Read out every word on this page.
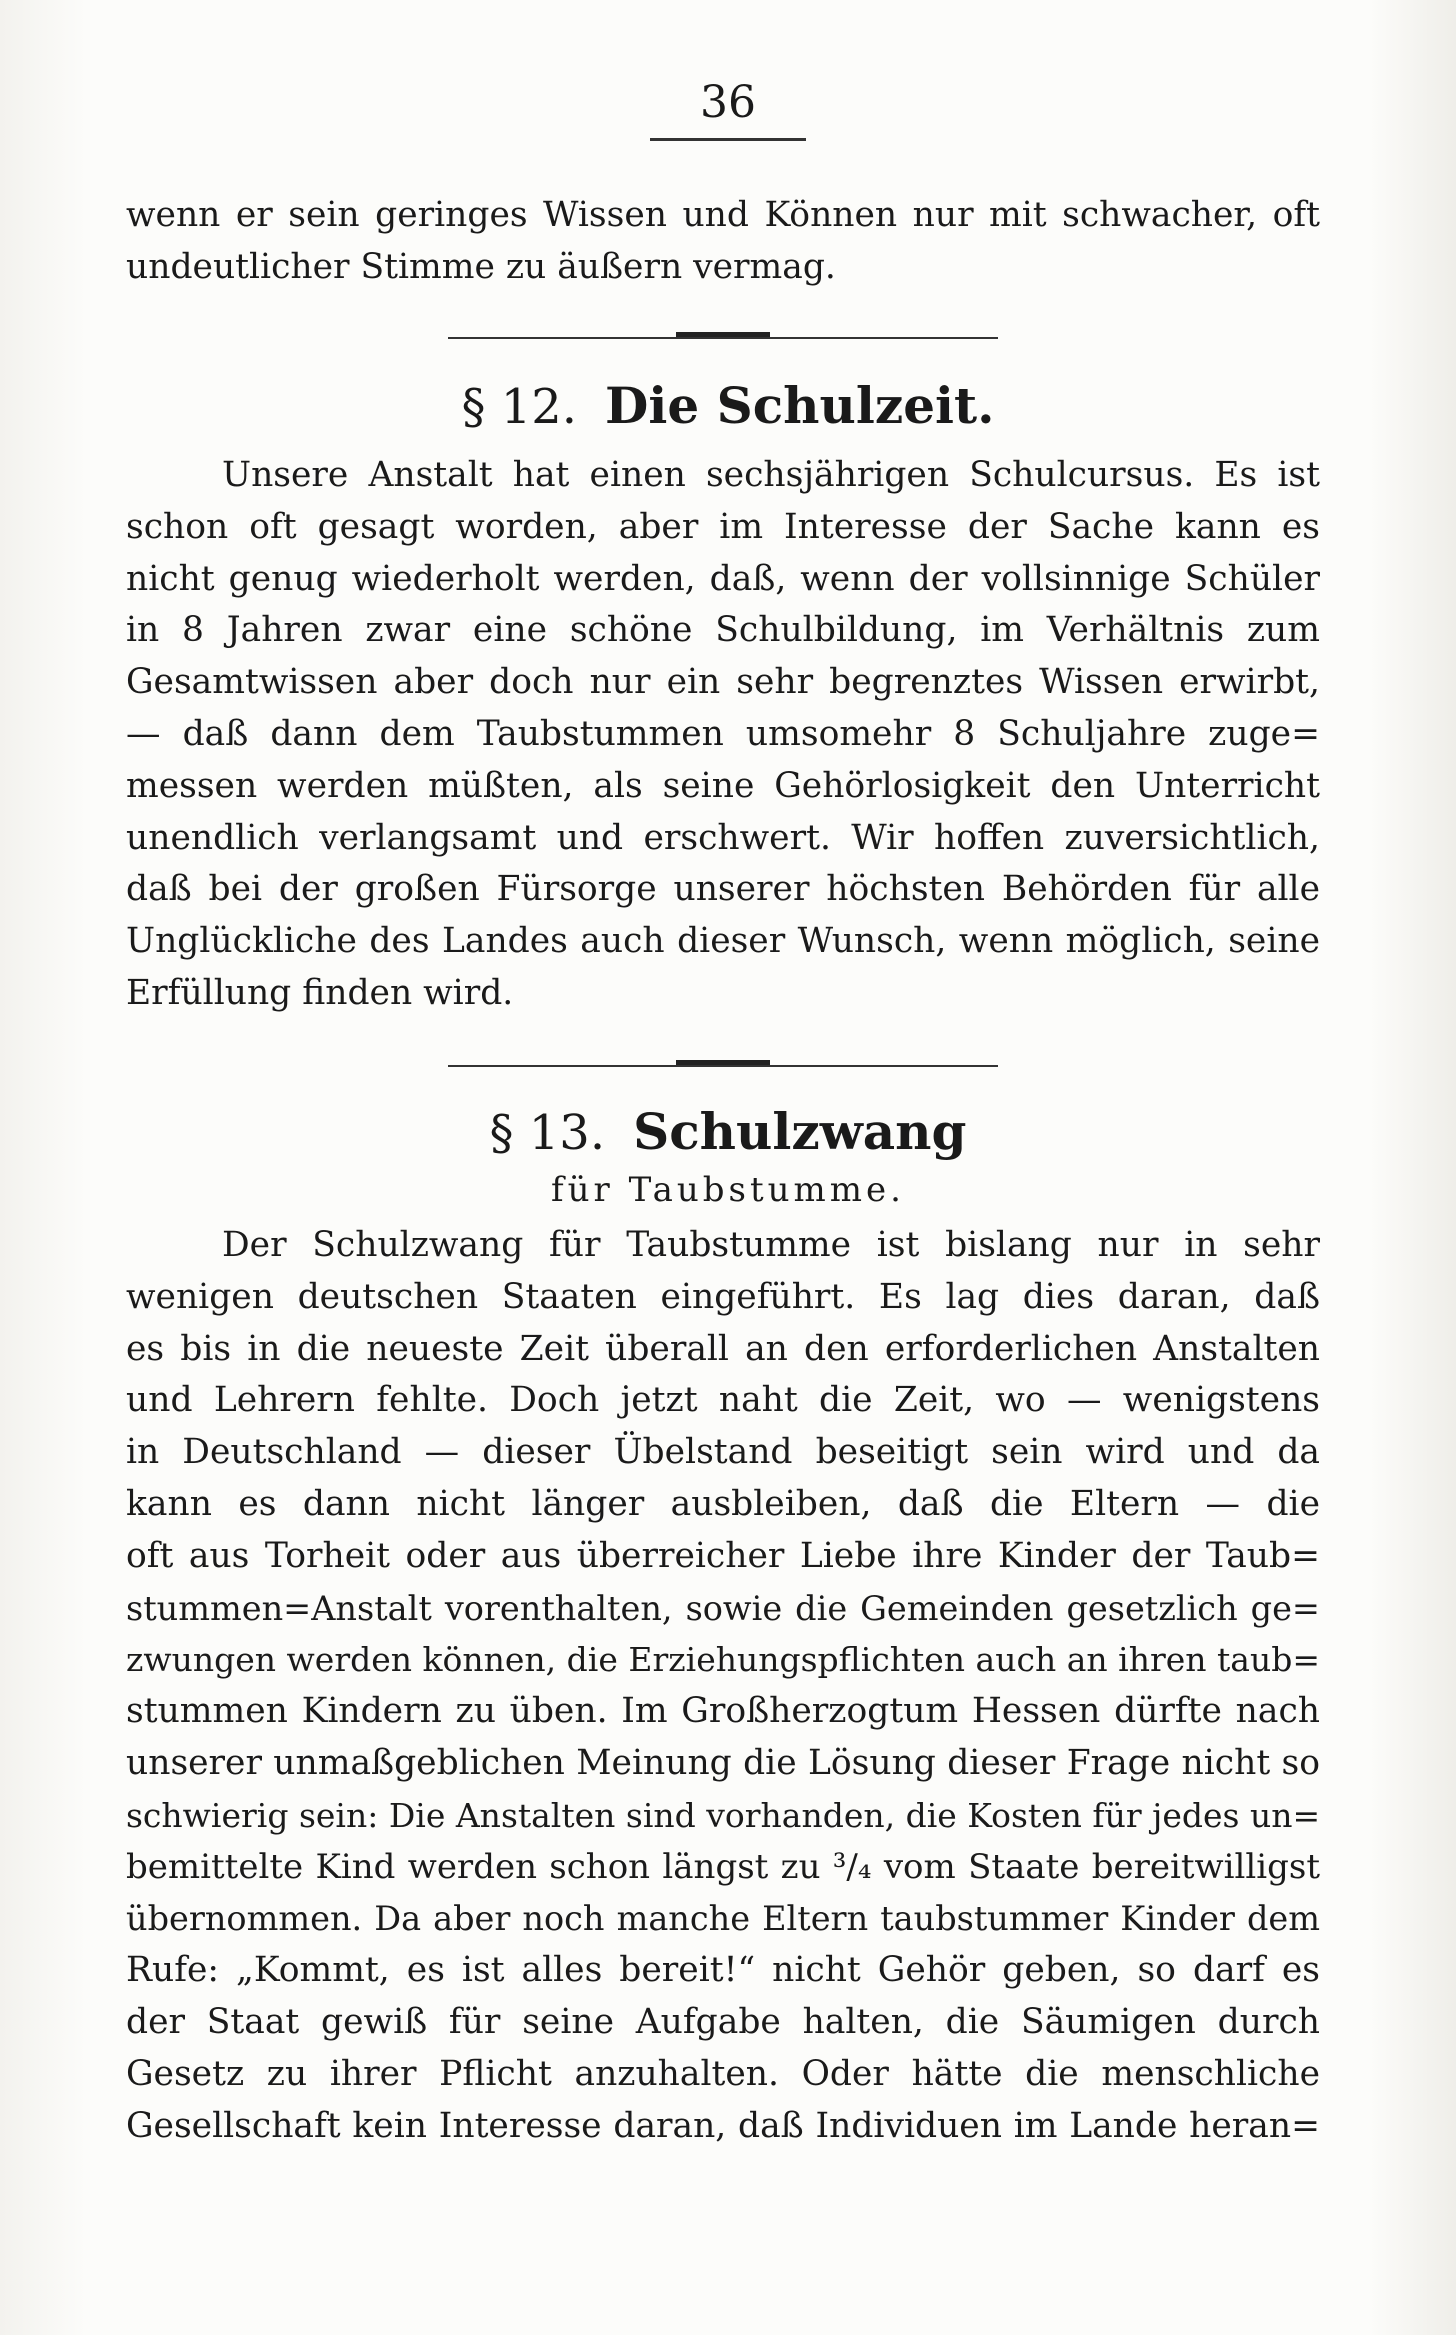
36
wenn er sein geringes Wissen und Können nur mit schwacher, oft
undeutlicher Stimme zu äußern vermag.
§ 12. Die Schulzeit.
Unsere Anstalt hat einen sechsjährigen Schulcursus. Es ist
schon oft gesagt worden, aber im Interesse der Sache kann es
nicht genug wiederholt werden, daß, wenn der vollsinnige Schüler
in 8 Jahren zwar eine schöne Schulbildung, im Verhältnis zum
Gesamtwissen aber doch nur ein sehr begrenztes Wissen erwirbt,
— daß dann dem Taubstummen umsomehr 8 Schuljahre zuge=
messen werden müßten, als seine Gehörlosigkeit den Unterricht
unendlich verlangsamt und erschwert. Wir hoffen zuversichtlich,
daß bei der großen Fürsorge unserer höchsten Behörden für alle
Unglückliche des Landes auch dieser Wunsch, wenn möglich, seine
Erfüllung finden wird.
§ 13. Schulzwang
für Taubstumme.
Der Schulzwang für Taubstumme ist bislang nur in sehr
wenigen deutschen Staaten eingeführt. Es lag dies daran, daß
es bis in die neueste Zeit überall an den erforderlichen Anstalten
und Lehrern fehlte. Doch jetzt naht die Zeit, wo — wenigstens
in Deutschland — dieser Übelstand beseitigt sein wird und da
kann es dann nicht länger ausbleiben, daß die Eltern — die
oft aus Torheit oder aus überreicher Liebe ihre Kinder der Taub=
stummen=Anstalt vorenthalten, sowie die Gemeinden gesetzlich ge=
zwungen werden können, die Erziehungspflichten auch an ihren taub=
stummen Kindern zu üben. Im Großherzogtum Hessen dürfte nach
unserer unmaßgeblichen Meinung die Lösung dieser Frage nicht so
schwierig sein: Die Anstalten sind vorhanden, die Kosten für jedes un=
bemittelte Kind werden schon längst zu ³/₄ vom Staate bereitwilligst
übernommen. Da aber noch manche Eltern taubstummer Kinder dem
Rufe: „Kommt, es ist alles bereit!“ nicht Gehör geben, so darf es
der Staat gewiß für seine Aufgabe halten, die Säumigen durch
Gesetz zu ihrer Pflicht anzuhalten. Oder hätte die menschliche
Gesellschaft kein Interesse daran, daß Individuen im Lande heran=
